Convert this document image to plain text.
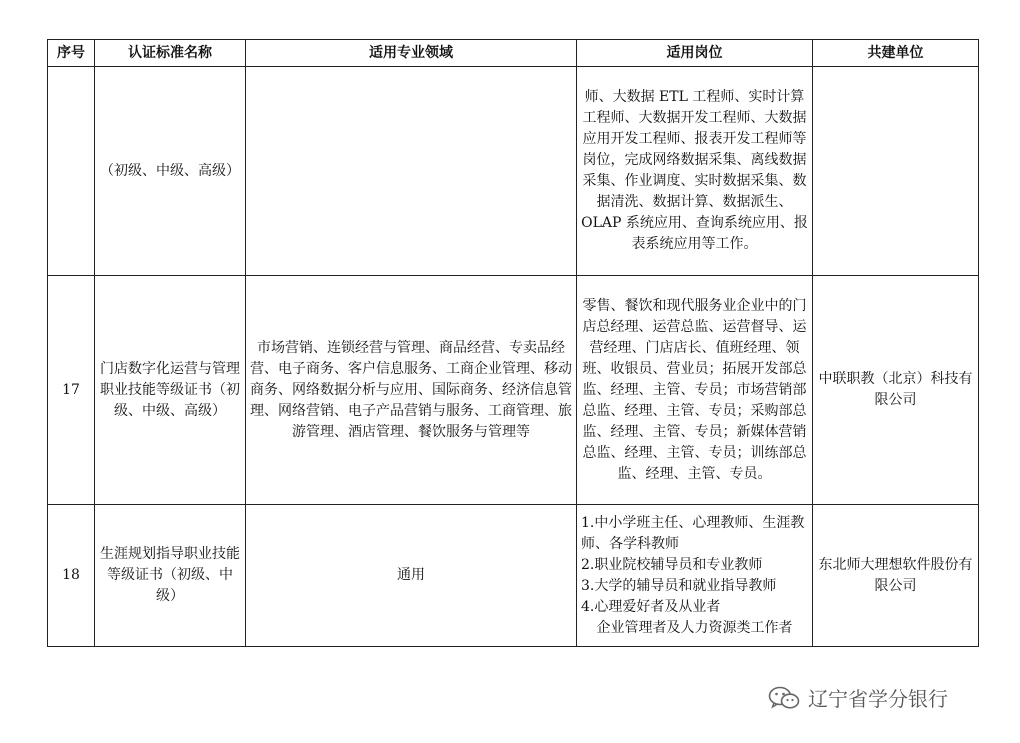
序号	认证标准名称	适用专业领域	适用岗位	共建单位
	（初级、中级、高级）		师、大数据 ETL 工程师、实时计算工程师、大数据开发工程师、大数据应用开发工程师、报表开发工程师等岗位，完成网络数据采集、离线数据采集、作业调度、实时数据采集、数据清洗、数据计算、数据派生、OLAP 系统应用、查询系统应用、报表系统应用等工作。	
17	门店数字化运营与管理职业技能等级证书（初级、中级、高级）	市场营销、连锁经营与管理、商品经营、专卖品经营、电子商务、客户信息服务、工商企业管理、移动商务、网络数据分析与应用、国际商务、经济信息管理、网络营销、电子产品营销与服务、工商管理、旅游管理、酒店管理、餐饮服务与管理等	零售、餐饮和现代服务业企业中的门店总经理、运营总监、运营督导、运营经理、门店店长、值班经理、领班、收银员、营业员；拓展开发部总监、经理、主管、专员；市场营销部总监、经理、主管、专员；采购部总监、经理、主管、专员；新媒体营销总监、经理、主管、专员；训练部总监、经理、主管、专员。	中联职教（北京）科技有限公司
18	生涯规划指导职业技能等级证书（初级、中级）	通用	1.中小学班主任、心理教师、生涯教师、各学科教师
2.职业院校辅导员和专业教师
3.大学的辅导员和就业指导教师
4.心理爱好者及从业者
企业管理者及人力资源类工作者	东北师大理想软件股份有限公司
辽宁省学分银行
